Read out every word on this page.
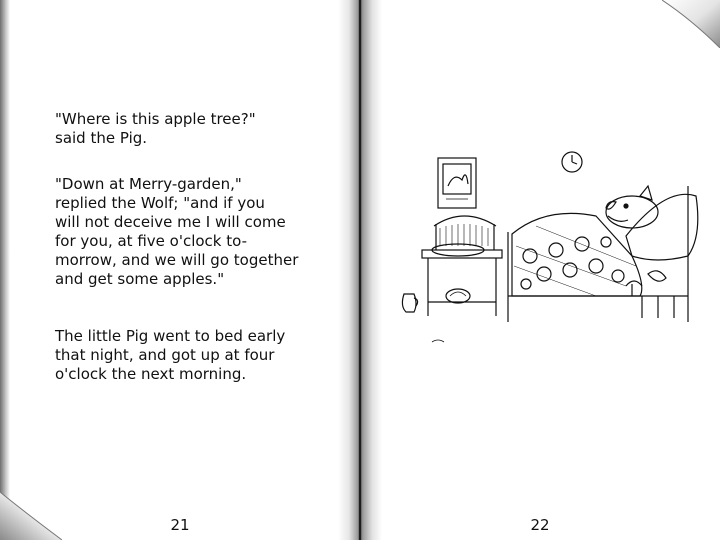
"Where is this apple tree?"
said the Pig.
"Down at Merry-garden,"
replied the Wolf; "and if you
will not deceive me I will come
for you, at five o'clock to-
morrow, and we will go together
and get some apples."
The little Pig went to bed early
that night, and got up at four
o'clock the next morning.
21	22
